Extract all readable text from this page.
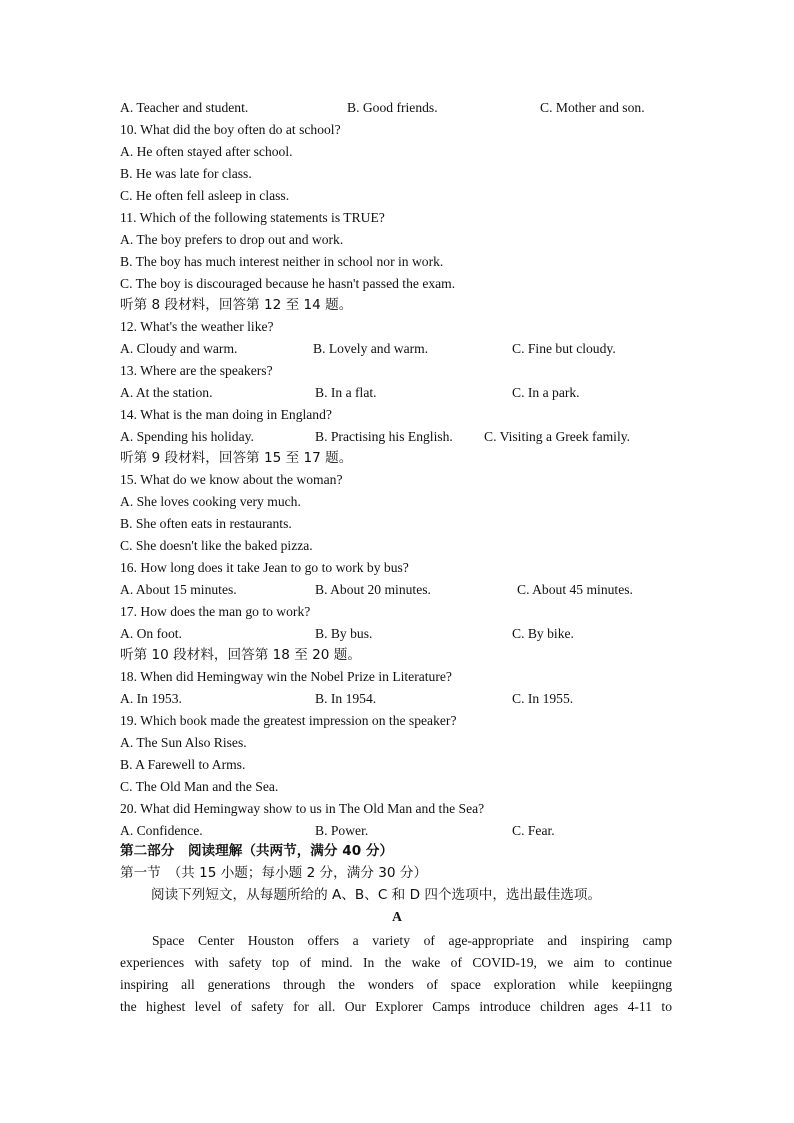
A. Teacher and student.	B. Good friends.	C. Mother and son.
10. What did the boy often do at school?
A. He often stayed after school.
B. He was late for class.
C. He often fell asleep in class.
11. Which of the following statements is TRUE?
A. The boy prefers to drop out and work.
B. The boy has much interest neither in school nor in work.
C. The boy is discouraged because he hasn't passed the exam.
听第 8 段材料，回答第 12 至 14 题。
12. What's the weather like?
A. Cloudy and warm.	B. Lovely and warm.	C. Fine but cloudy.
13. Where are the speakers?
A. At the station.	B. In a flat.	C. In a park.
14. What is the man doing in England?
A. Spending his holiday.	B. Practising his English. C. Visiting a Greek family.
听第 9 段材料，回答第 15 至 17 题。
15. What do we know about the woman?
A. She loves cooking very much.
B. She often eats in restaurants.
C. She doesn't like the baked pizza.
16. How long does it take Jean to go to work by bus?
A. About 15 minutes.	B. About 20 minutes.	C. About 45 minutes.
17. How does the man go to work?
A. On foot.	B. By bus.	C. By bike.
听第 10 段材料，回答第 18 至 20 题。
18. When did Hemingway win the Nobel Prize in Literature?
A. In 1953.	B. In 1954.	C. In 1955.
19. Which book made the greatest impression on the speaker?
A. The Sun Also Rises.
B. A Farewell to Arms.
C. The Old Man and the Sea.
20. What did Hemingway show to us in The Old Man and the Sea?
A. Confidence.	B. Power.	C. Fear.
第二部分　阅读理解（共两节，满分 40 分）
第一节　（共 15 小题；每小题 2 分，满分 30 分）
阅读下列短文，从每题所给的 A、B、C 和 D 四个选项中，选出最佳选项。
A
Space Center Houston offers a variety of age-appropriate and inspiring camp
experiences with safety top of mind. In the wake of COVID-19, we aim to continue
inspiring all generations through the wonders of space exploration while keepiingng
the highest level of safety for all. Our Explorer Camps introduce children ages 4-11 to
